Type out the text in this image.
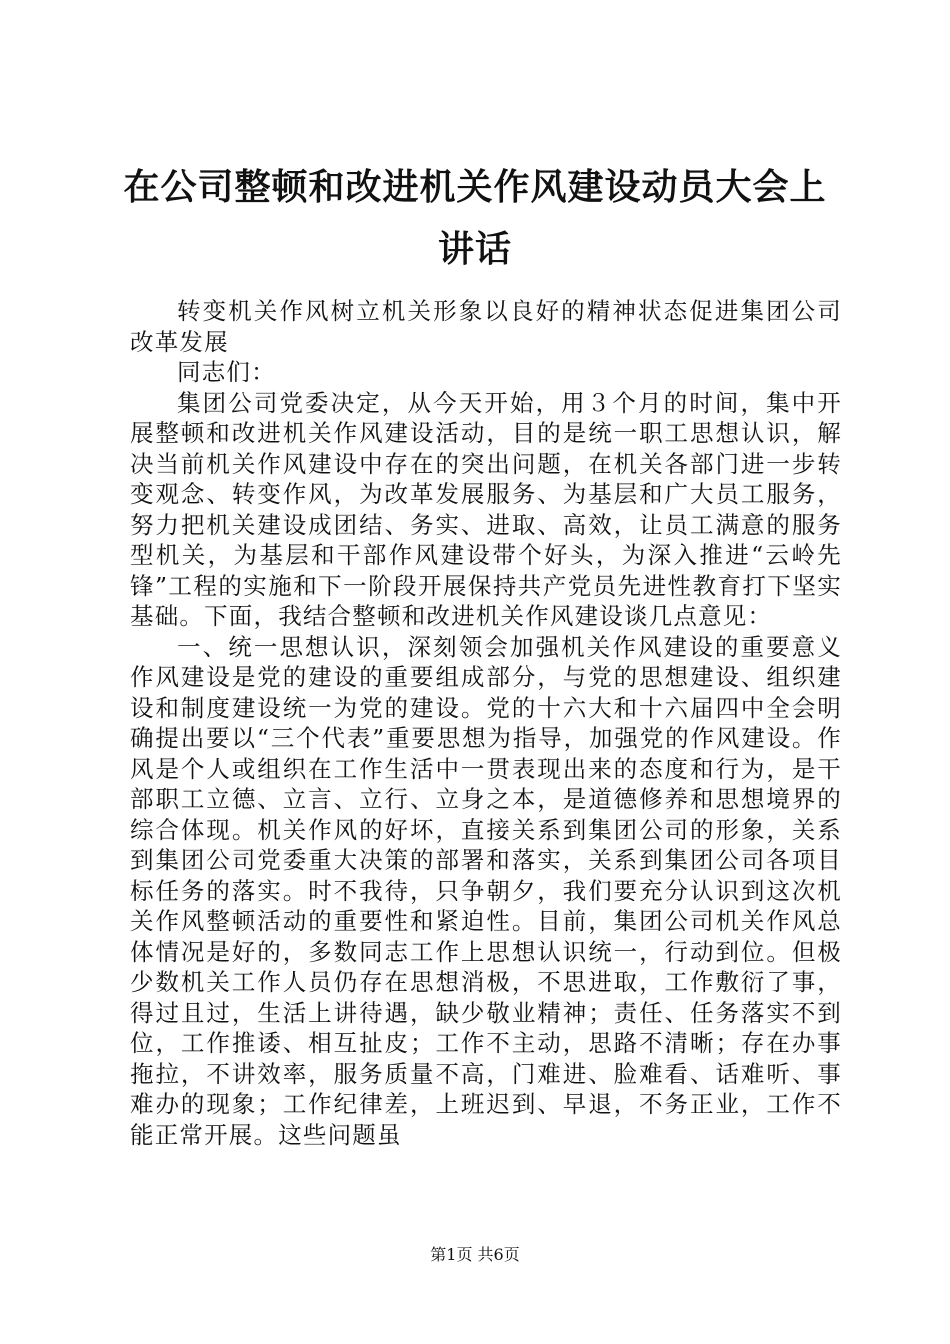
在公司整顿和改进机关作风建设动员大会上讲话

转变机关作风树立机关形象以良好的精神状态促进集团公司改革发展

同志们：

集团公司党委决定，从今天开始，用３个月的时间，集中开展整顿和改进机关作风建设活动，目的是统一职工思想认识，解决当前机关作风建设中存在的突出问题，在机关各部门进一步转变观念、转变作风，为改革发展服务、为基层和广大员工服务，努力把机关建设成团结、务实、进取、高效，让员工满意的服务型机关，为基层和干部作风建设带个好头，为深入推进“云岭先锋”工程的实施和下一阶段开展保持共产党员先进性教育打下坚实基础。下面，我结合整顿和改进机关作风建设谈几点意见：

一、统一思想认识，深刻领会加强机关作风建设的重要意义作风建设是党的建设的重要组成部分，与党的思想建设、组织建设和制度建设统一为党的建设。党的十六大和十六届四中全会明确提出要以“三个代表”重要思想为指导，加强党的作风建设。作风是个人或组织在工作生活中一贯表现出来的态度和行为，是干部职工立德、立言、立行、立身之本，是道德修养和思想境界的综合体现。机关作风的好坏，直接关系到集团公司的形象，关系到集团公司党委重大决策的部署和落实，关系到集团公司各项目标任务的落实。时不我待，只争朝夕，我们要充分认识到这次机关作风整顿活动的重要性和紧迫性。目前，集团公司机关作风总体情况是好的，多数同志工作上思想认识统一，行动到位。但极少数机关工作人员仍存在思想消极，不思进取，工作敷衍了事，得过且过，生活上讲待遇，缺少敬业精神；责任、任务落实不到位，工作推诿、相互扯皮；工作不主动，思路不清晰；存在办事拖拉，不讲效率，服务质量不高，门难进、脸难看、话难听、事难办的现象；工作纪律差，上班迟到、早退，不务正业，工作不能正常开展。这些问题虽

第1页 共6页
